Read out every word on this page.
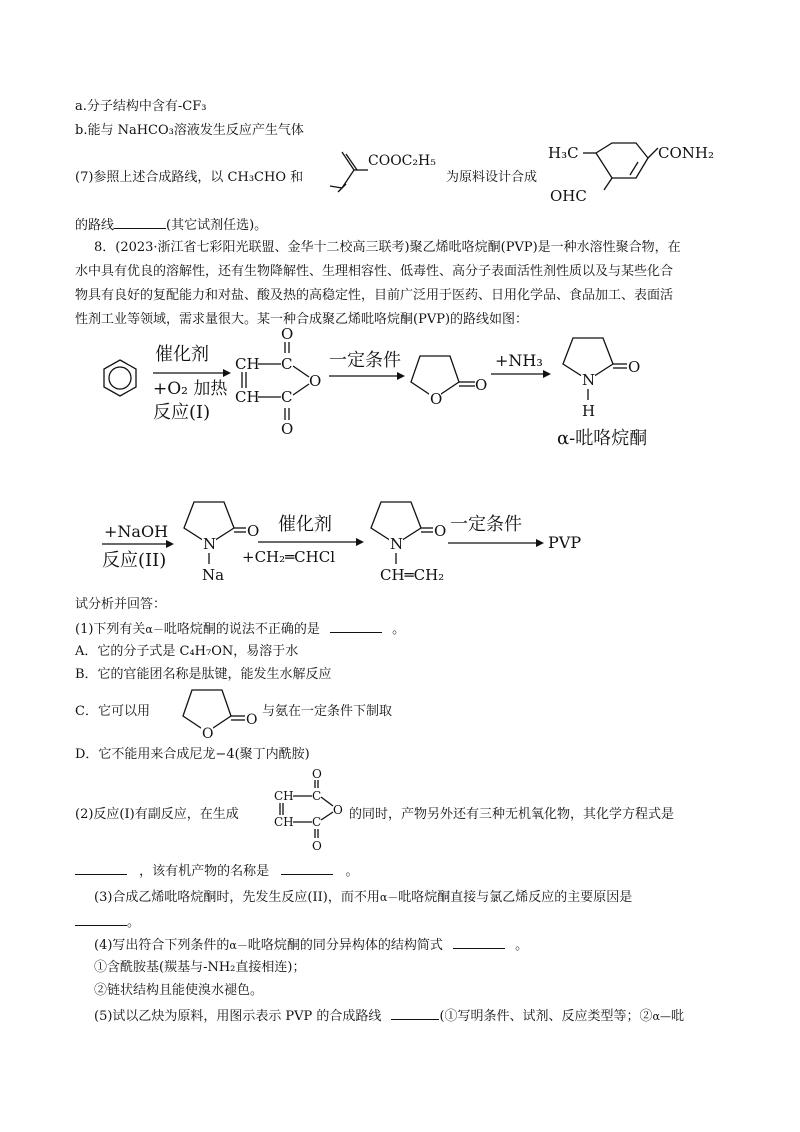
a.分子结构中含有-CF₃
b.能与 NaHCO₃溶液发生反应产生气体
(7)参照上述合成路线，以 CH₃CHO 和
COOC₂H₅
为原料设计合成
H₃C	CONH₂
OHC
的路线	(其它试剂任选)。
8．(2023·浙江省七彩阳光联盟、金华十二校高三联考)聚乙烯吡咯烷酮(PVP)是一种水溶性聚合物，在
水中具有优良的溶解性，还有生物降解性、生理相容性、低毒性、高分子表面活性剂性质以及与某些化合
物具有良好的复配能力和对盐、酸及热的高稳定性，目前广泛用于医药、日用化学品、食品加工、表面活
性剂工业等领域，需求量很大。某一种合成聚乙烯吡咯烷酮(PVP)的路线如图：
催化剂
+O₂ 加热
反应(I)
CH
CH
C
C
O
O
O
一定条件
O
O
+NH₃	O
N
H
α-吡咯烷酮
+NaOH
反应(II)
O
N
Na
催化剂
+CH₂═CHCl
O
N
CH═CH₂
一定条件
PVP
试分析并回答：
(1)下列有关α－吡咯烷酮的说法不正确的是	。
A．它的分子式是 C₄H₇ON，易溶于水
B．它的官能团名称是肽键，能发生水解反应
C．它可以用
O
O
与氨在一定条件下制取
D．它不能用来合成尼龙−4(聚丁内酰胺)
(2)反应(I)有副反应，在生成
CH
CH
C
C
O
O
O 的同时，产物另外还有三种无机氧化物，其化学方程式是
，该有机产物的名称是	。
(3)合成乙烯吡咯烷酮时，先发生反应(II)，而不用α－吡咯烷酮直接与氯乙烯反应的主要原因是
。
(4)写出符合下列条件的α－吡咯烷酮的同分异构体的结构简式	。
①含酰胺基(羰基与-NH₂直接相连)；
②链状结构且能使溴水褪色。
(5)试以乙炔为原料，用图示表示 PVP 的合成路线	(①写明条件、试剂、反应类型等；②α—吡
